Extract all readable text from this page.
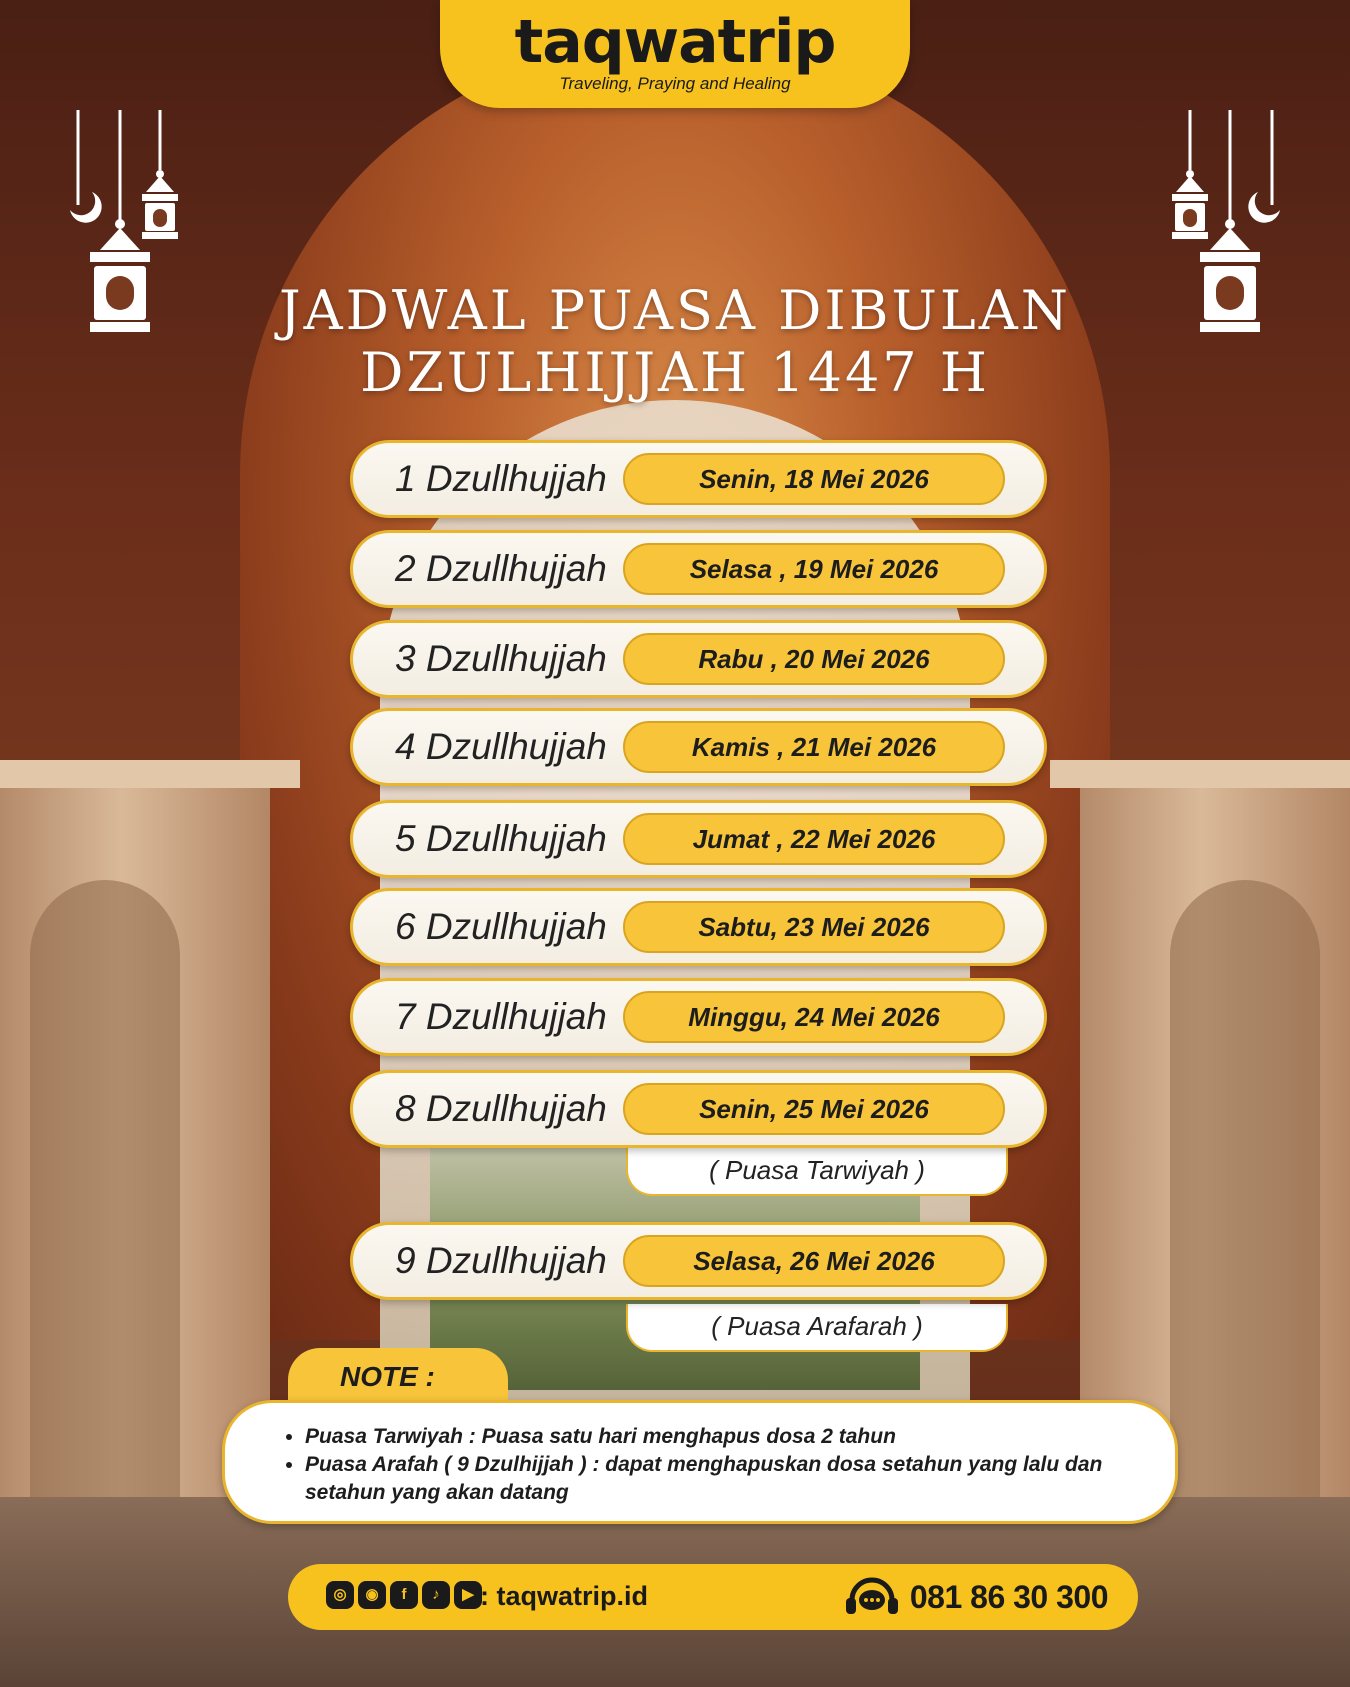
taqwatrip
Traveling, Praying and Healing
JADWAL PUASA DIBULAN
DZULHIJJAH 1447 H
1 Dzullhujjah	Senin, 18 Mei 2026
2 Dzullhujjah	Selasa , 19 Mei 2026
3 Dzullhujjah	Rabu , 20 Mei 2026
4 Dzullhujjah	Kamis , 21 Mei 2026
5 Dzullhujjah	Jumat , 22 Mei 2026
6 Dzullhujjah	Sabtu, 23 Mei 2026
7 Dzullhujjah	Minggu, 24 Mei 2026
( Puasa Tarwiyah )
8 Dzullhujjah	Senin, 25 Mei 2026
( Puasa Arafarah )
9 Dzullhujjah	Selasa, 26 Mei 2026
NOTE :
• Puasa Tarwiyah : Puasa satu hari menghapus dosa 2 tahun
• Puasa Arafah ( 9 Dzulhijjah ) : dapat menghapuskan dosa setahun yang lalu dan setahun yang akan datang
◎	◉	f	♪	▶ : taqwatrip.id	081 86 30 300
